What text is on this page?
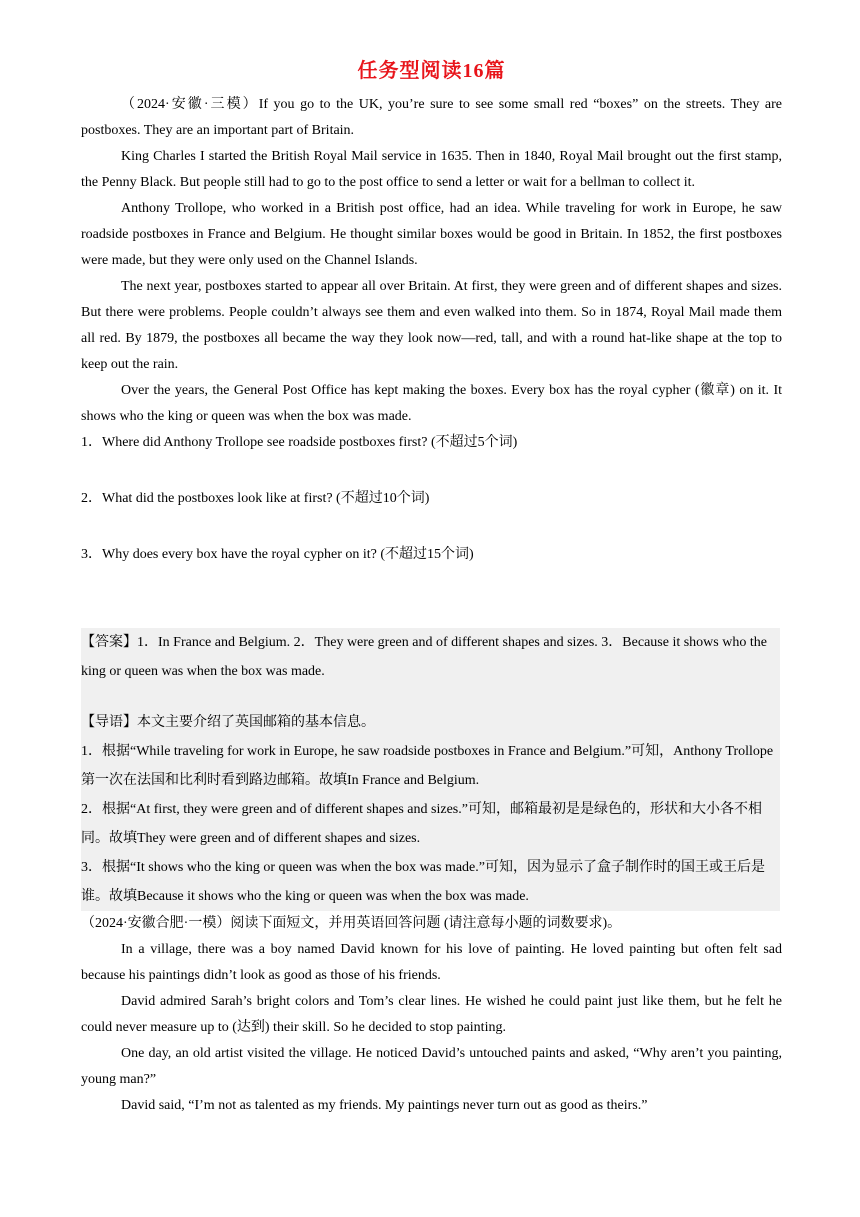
任务型阅读16篇

（2024·安徽·三模）If you go to the UK, you’re sure to see some small red “boxes” on the streets. They are postboxes. They are an important part of Britain.

King Charles I started the British Royal Mail service in 1635. Then in 1840, Royal Mail brought out the first stamp, the Penny Black. But people still had to go to the post office to send a letter or wait for a bellman to collect it.

Anthony Trollope, who worked in a British post office, had an idea. While traveling for work in Europe, he saw roadside postboxes in France and Belgium. He thought similar boxes would be good in Britain. In 1852, the first postboxes were made, but they were only used on the Channel Islands.

The next year, postboxes started to appear all over Britain. At first, they were green and of different shapes and sizes. But there were problems. People couldn’t always see them and even walked into them. So in 1874, Royal Mail made them all red. By 1879, the postboxes all became the way they look now—red, tall, and with a round hat-like shape at the top to keep out the rain.

Over the years, the General Post Office has kept making the boxes. Every box has the royal cypher (徽章) on it. It shows who the king or queen was when the box was made.

1．Where did Anthony Trollope see roadside postboxes first? (不超过5个词)
2．What did the postboxes look like at first? (不超过10个词)
3．Why does every box have the royal cypher on it? (不超过15个词)

【答案】1．In France and Belgium. 2．They were green and of different shapes and sizes. 3．Because it shows who the king or queen was when the box was made.

【导语】本文主要介绍了英国邮箱的基本信息。

1．根据“While traveling for work in Europe, he saw roadside postboxes in France and Belgium.”可知，Anthony Trollope第一次在法国和比利时看到路边邮箱。故填In France and Belgium.

2．根据“At first, they were green and of different shapes and sizes.”可知，邮箱最初是是绿色的，形状和大小各不相同。故填They were green and of different shapes and sizes.

3．根据“It shows who the king or queen was when the box was made.”可知，因为显示了盒子制作时的国王或王后是谁。故填Because it shows who the king or queen was when the box was made.

（2024·安徽合肥·一模）阅读下面短文，并用英语回答问题 (请注意每小题的词数要求)。

In a village, there was a boy named David known for his love of painting. He loved painting but often felt sad because his paintings didn’t look as good as those of his friends.

David admired Sarah’s bright colors and Tom’s clear lines. He wished he could paint just like them, but he felt he could never measure up to (达到) their skill. So he decided to stop painting.

One day, an old artist visited the village. He noticed David’s untouched paints and asked, “Why aren’t you painting, young man?”

David said, “I’m not as talented as my friends. My paintings never turn out as good as theirs.”
